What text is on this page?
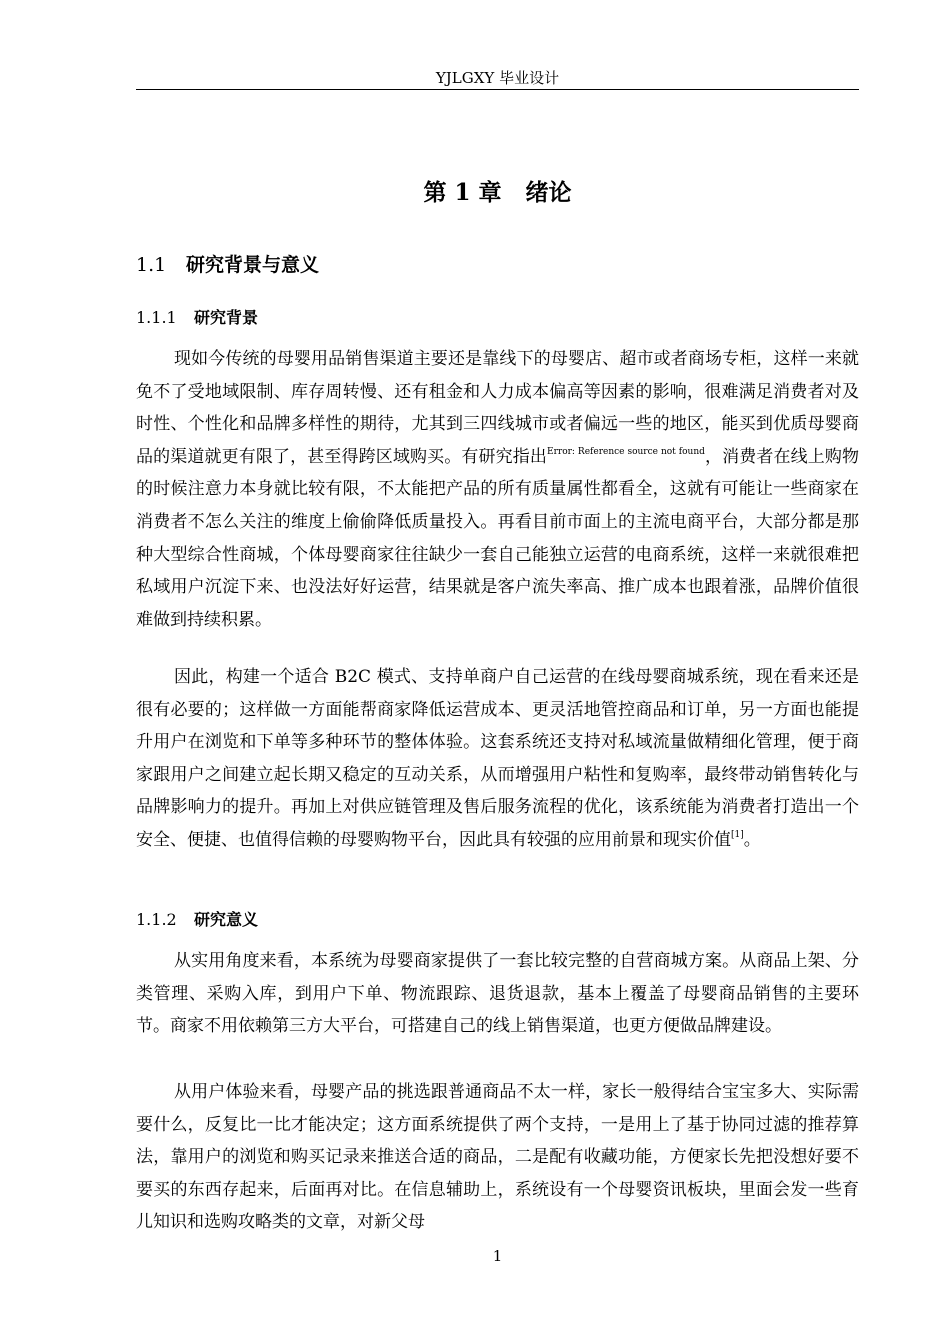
YJLGXY 毕业设计
第 1 章 绪论
1.1 研究背景与意义
1.1.1 研究背景

现如今传统的母婴用品销售渠道主要还是靠线下的母婴店、超市或者商场专柜，这样一来就免不了受地域限制、库存周转慢、还有租金和人力成本偏高等因素的影响，很难满足消费者对及时性、个性化和品牌多样性的期待，尤其到三四线城市或者偏远一些的地区，能买到优质母婴商品的渠道就更有限了，甚至得跨区域购买。有研究指出$^{Error: Reference source not found}$，消费者在线上购物的时候注意力本身就比较有限，不太能把产品的所有质量属性都看全，这就有可能让一些商家在消费者不怎么关注的维度上偷偷降低质量投入。再看目前市面上的主流电商平台，大部分都是那种大型综合性商城，个体母婴商家往往缺少一套自己能独立运营的电商系统，这样一来就很难把私域用户沉淀下来、也没法好好运营，结果就是客户流失率高、推广成本也跟着涨，品牌价值很难做到持续积累。

因此，构建一个适合 B2C 模式、支持单商户自己运营的在线母婴商城系统，现在看来还是很有必要的；这样做一方面能帮商家降低运营成本、更灵活地管控商品和订单，另一方面也能提升用户在浏览和下单等多种环节的整体体验。这套系统还支持对私域流量做精细化管理，便于商家跟用户之间建立起长期又稳定的互动关系，从而增强用户粘性和复购率，最终带动销售转化与品牌影响力的提升。再加上对供应链管理及售后服务流程的优化，该系统能为消费者打造出一个安全、便捷、也值得信赖的母婴购物平台，因此具有较强的应用前景和现实价值[1]。

1.1.2 研究意义

从实用角度来看，本系统为母婴商家提供了一套比较完整的自营商城方案。从商品上架、分类管理、采购入库，到用户下单、物流跟踪、退货退款，基本上覆盖了母婴商品销售的主要环节。商家不用依赖第三方大平台，可搭建自己的线上销售渠道，也更方便做品牌建设。

从用户体验来看，母婴产品的挑选跟普通商品不太一样，家长一般得结合宝宝多大、实际需要什么，反复比一比才能决定；这方面系统提供了两个支持，一是用上了基于协同过滤的推荐算法，靠用户的浏览和购买记录来推送合适的商品，二是配有收藏功能，方便家长先把没想好要不要买的东西存起来，后面再对比。在信息辅助上，系统设有一个母婴资讯板块，里面会发一些育儿知识和选购攻略类的文章，对新父母

1
